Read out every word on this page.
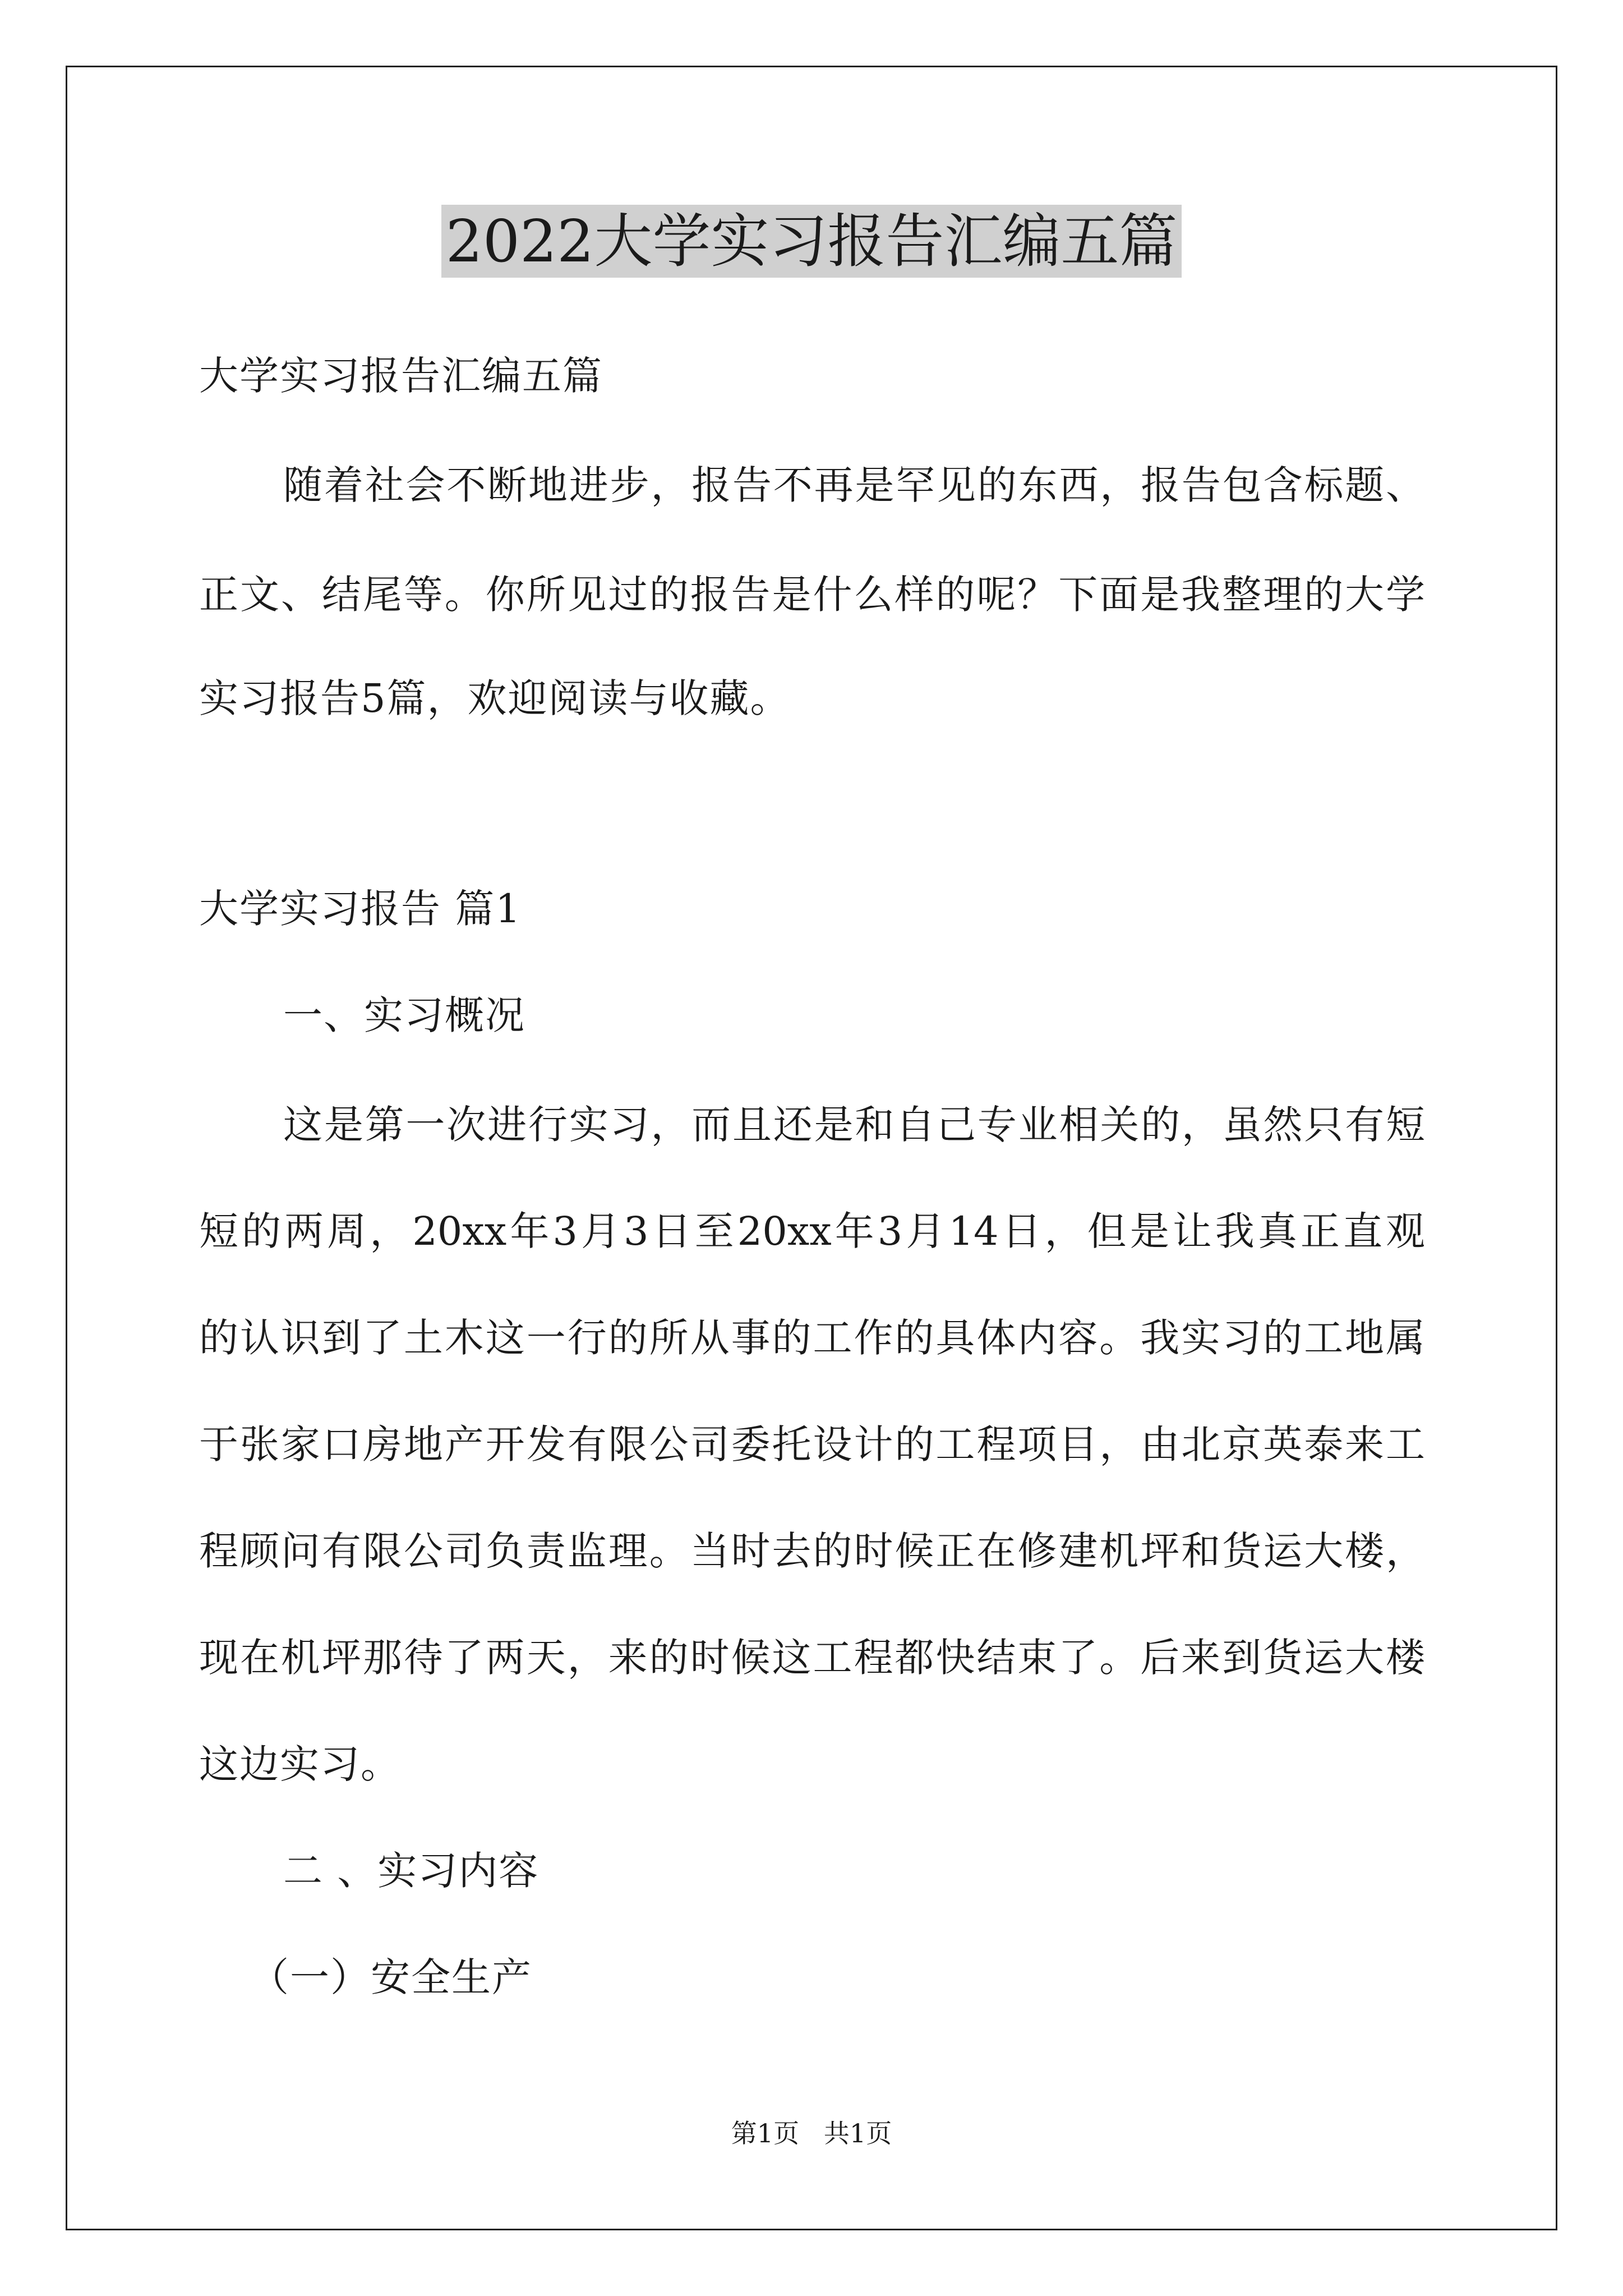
2022大学实习报告汇编五篇
大学实习报告汇编五篇
随着社会不断地进步，报告不再是罕见的东西，报告包含标题、
正文、结尾等。你所见过的报告是什么样的呢？下面是我整理的大学
实习报告5篇，欢迎阅读与收藏。
大学实习报告 篇1
一、实习概况
这是第一次进行实习，而且还是和自己专业相关的，虽然只有短
短的两周，20xx年3月3日至20xx年3月14日，但是让我真正直观
的认识到了土木这一行的所从事的工作的具体内容。我实习的工地属
于张家口房地产开发有限公司委托设计的工程项目，由北京英泰来工
程顾问有限公司负责监理。当时去的时候正在修建机坪和货运大楼，
现在机坪那待了两天，来的时候这工程都快结束了。后来到货运大楼
这边实习。
二 、实习内容
（一）安全生产
第1页   共1页
